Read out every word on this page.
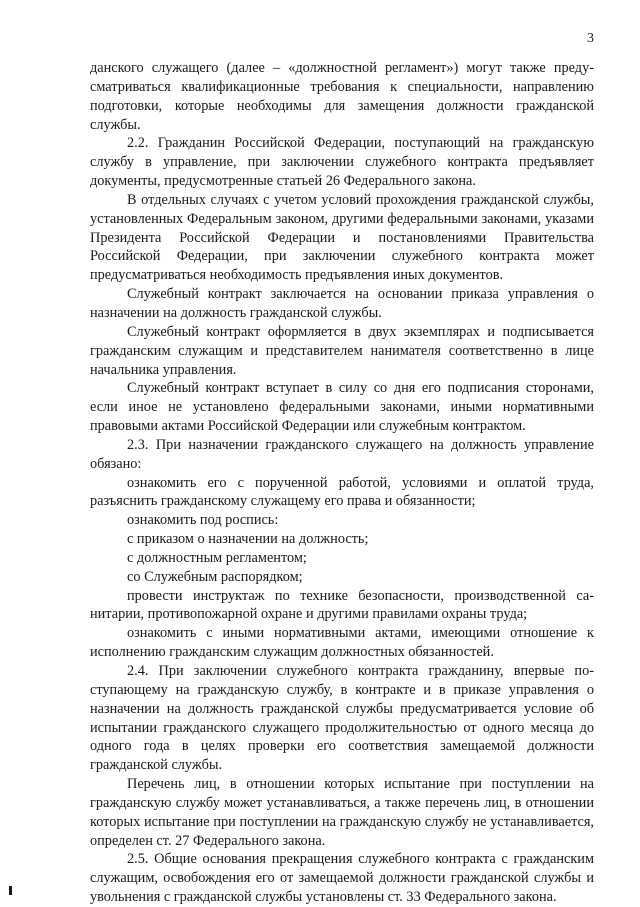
3

данского служащего (далее – «должностной регламент») могут также предусматриваться квалификационные требования к специальности, направлению подготовки, которые необходимы для замещения должности гражданской службы.

2.2. Гражданин Российской Федерации, поступающий на гражданскую службу в управление, при заключении служебного контракта предъявляет документы, предусмотренные статьей 26 Федерального закона.

В отдельных случаях с учетом условий прохождения гражданской службы, установленных Федеральным законом, другими федеральными законами, указами Президента Российской Федерации и постановлениями Правительства Российской Федерации, при заключении служебного контракта может предусматриваться необходимость предъявления иных документов.

Служебный контракт заключается на основании приказа управления о назначении на должность гражданской службы.

Служебный контракт оформляется в двух экземплярах и подписывается гражданским служащим и представителем нанимателя соответственно в лице начальника управления.

Служебный контракт вступает в силу со дня его подписания сторонами, если иное не установлено федеральными законами, иными нормативными правовыми актами Российской Федерации или служебным контрактом.

2.3. При назначении гражданского служащего на должность управление обязано:

ознакомить его с порученной работой, условиями и оплатой труда, разъяснить гражданскому служащему его права и обязанности;

ознакомить под роспись:

с приказом о назначении на должность;

с должностным регламентом;

со Служебным распорядком;

провести инструктаж по технике безопасности, производственной санитарии, противопожарной охране и другими правилами охраны труда;

ознакомить с иными нормативными актами, имеющими отношение к исполнению гражданским служащим должностных обязанностей.

2.4. При заключении служебного контракта гражданину, впервые поступающему на гражданскую службу, в контракте и в приказе управления о назначении на должность гражданской службы предусматривается условие об испытании гражданского служащего продолжительностью от одного месяца до одного года в целях проверки его соответствия замещаемой должности гражданской службы.

Перечень лиц, в отношении которых испытание при поступлении на гражданскую службу может устанавливаться, а также перечень лиц, в отношении которых испытание при поступлении на гражданскую службу не устанавливается, определен ст. 27 Федерального закона.

2.5. Общие основания прекращения служебного контракта с гражданским служащим, освобождения его от замещаемой должности гражданской службы и увольнения с гражданской службы установлены ст. 33 Федерального закона.
